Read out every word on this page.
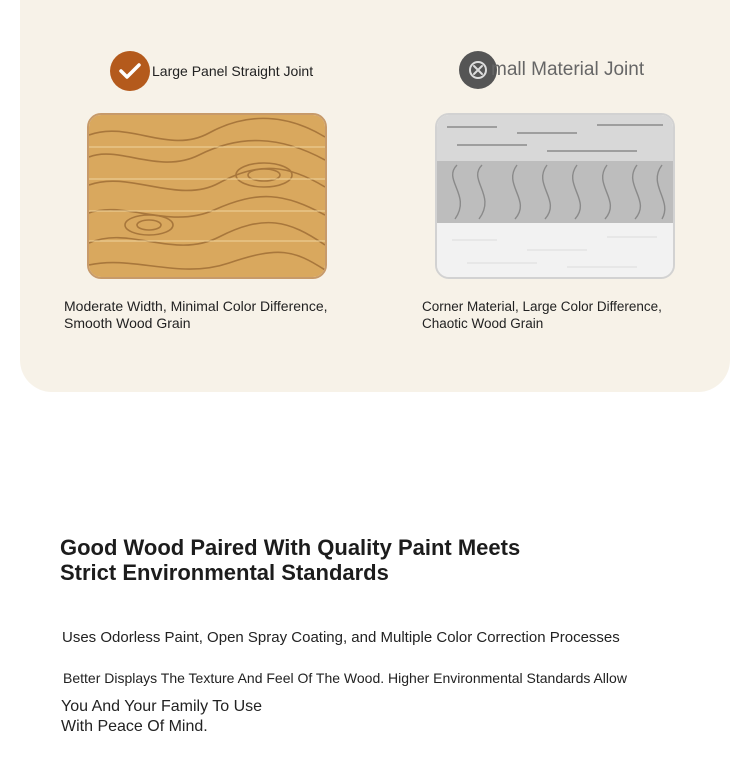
Large Panel Straight Joint	mall Material Joint
Moderate Width, Minimal Color Difference,
Smooth Wood Grain
Corner Material, Large Color Difference,
Chaotic Wood Grain
Good Wood Paired With Quality Paint Meets
Strict Environmental Standards
Uses Odorless Paint, Open Spray Coating, and Multiple Color Correction Processes
Better Displays The Texture And Feel Of The Wood. Higher Environmental Standards Allow
You And Your Family To Use
With Peace Of Mind.
